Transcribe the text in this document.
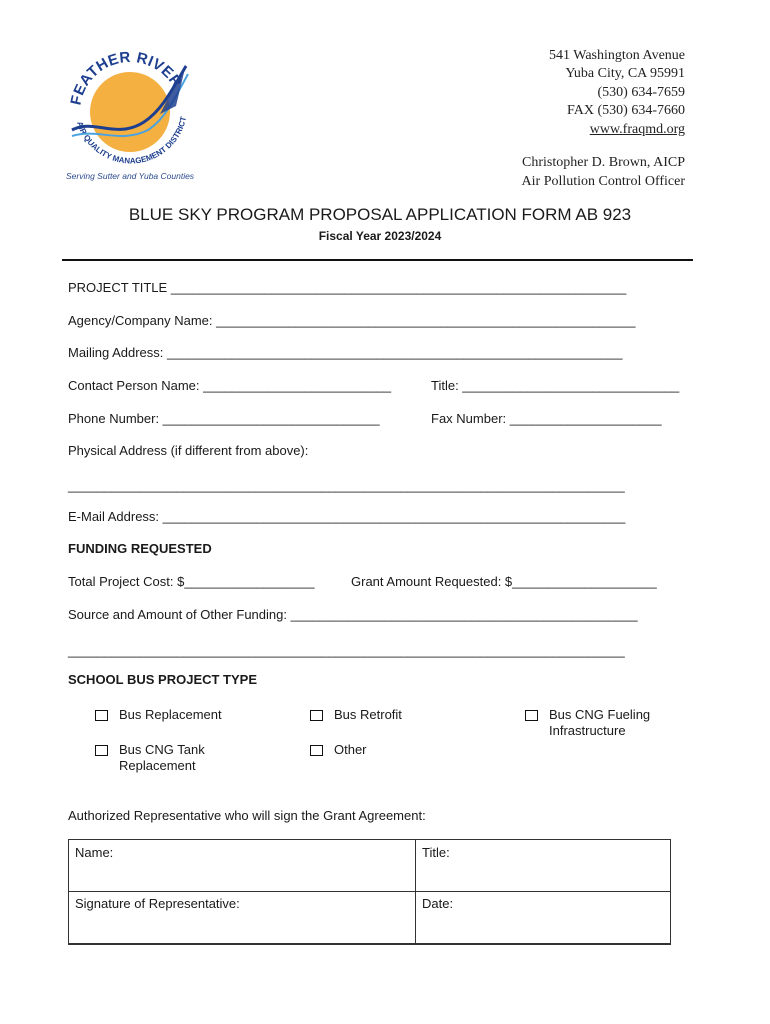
FEATHER RIVER
AIR QUALITY MANAGEMENT DISTRICT
Serving Sutter and Yuba Counties
541 Washington Avenue
Yuba City, CA 95991
(530) 634-7659
FAX (530) 634-7660
www.fraqmd.org
Christopher D. Brown, AICP
Air Pollution Control Officer
BLUE SKY PROGRAM PROPOSAL APPLICATION FORM AB 923
Fiscal Year 2023/2024
PROJECT TITLE _______________________________________________________________
Agency/Company Name: __________________________________________________________
Mailing Address: _______________________________________________________________
Contact Person Name: __________________________	Title: ______________________________
Phone Number: ______________________________	Fax Number: _____________________
Physical Address (if different from above):
_____________________________________________________________________________
E-Mail Address: ________________________________________________________________
FUNDING REQUESTED
Total Project Cost: $__________________	Grant Amount Requested: $____________________
Source and Amount of Other Funding: ________________________________________________
_____________________________________________________________________________
SCHOOL BUS PROJECT TYPE
Bus Replacement	Bus Retrofit	Bus CNG Fueling
Infrastructure
Bus CNG Tank
Replacement
Other
Authorized Representative who will sign the Grant Agreement:
Name:	Title:
Signature of Representative:	Date:
